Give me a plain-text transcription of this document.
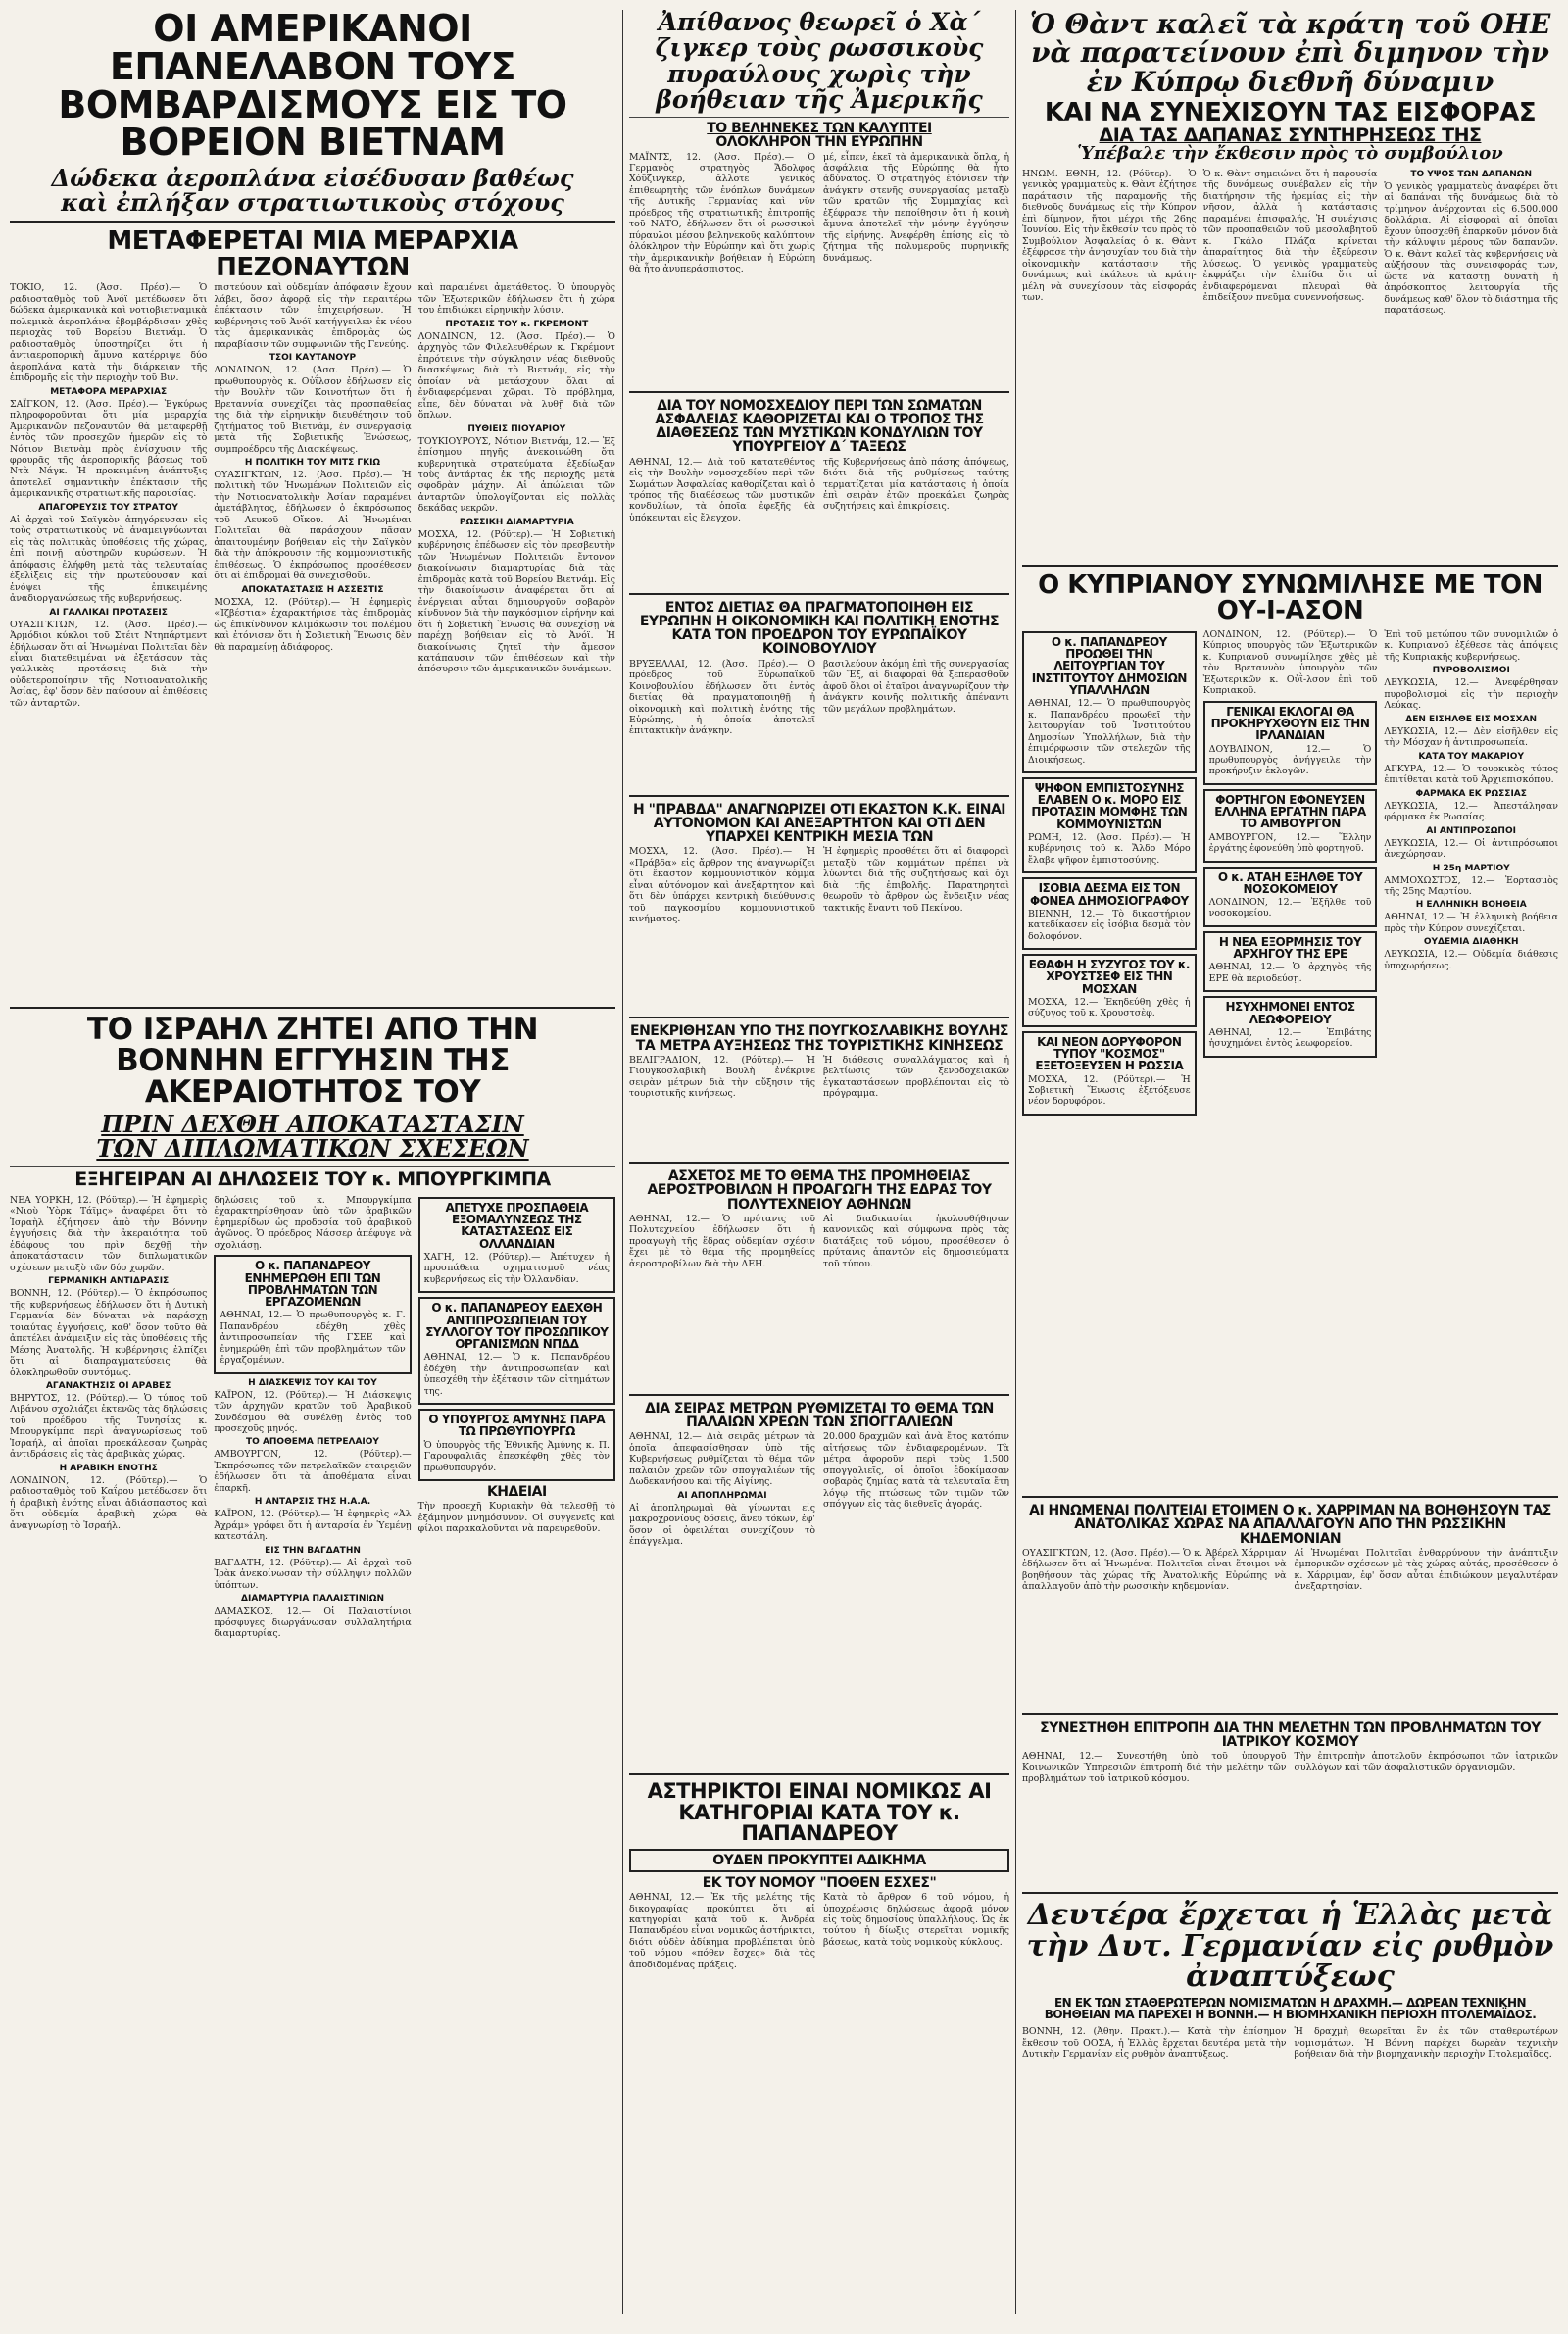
ΟΙ ΑΜΕΡΙΚΑΝΟΙ ΕΠΑΝΕΛΑΒΟΝ ΤΟΥΣ ΒΟΜΒΑΡΔΙΣΜΟΥΣ ΕΙΣ ΤΟ ΒΟΡΕΙΟΝ ΒΙΕΤΝΑΜ
Δώδεκα ἀεροπλάνα εἰσέδυσαν βαθέως
καὶ ἐπλήξαν στρατιωτικοὺς στόχους
ΜΕΤΑΦΕΡΕΤΑΙ ΜΙΑ ΜΕΡΑΡΧΙΑ ΠΕΖΟΝΑΥΤΩΝ

ΤΟΚΙΟ, 12. (Ἀσσ. Πρέσ).— Ὁ ραδιοσταθμὸς τοῦ Ἀνόϊ μετέδωσεν ὅτι δώδεκα ἀμερικανικὰ καὶ νοτιοβιετναμικὰ πολεμικὰ ἀεροπλάνα ἐβομβάρδισαν χθὲς περιοχὰς τοῦ Βορείου Βιετνάμ. Ὁ ραδιοσταθμὸς ὑποστηρίζει ὅτι ἡ ἀντιαεροπορικὴ ἄμυνα κατέρριψε δύο ἀεροπλάνα κατὰ τὴν διάρκειαν τῆς ἐπιδρομῆς εἰς τὴν περιοχὴν τοῦ Βιν.

ΜΕΤΑΦΟΡΑ ΜΕΡΑΡΧΙΑΣ

ΣΑΪΓΚΟΝ, 12. (Ἀσσ. Πρέσ).— Ἐγκύρως πληροφοροῦνται ὅτι μία μεραρχία Ἀμερικανῶν πεζοναυτῶν θὰ μεταφερθῇ ἐντὸς τῶν προσεχῶν ἡμερῶν εἰς τὸ Νότιον Βιετνὰμ πρὸς ἐνίσχυσιν τῆς φρουρᾶς τῆς ἀεροπορικῆς βάσεως τοῦ Ντὰ Νάγκ. Ἡ προκειμένη ἀνάπτυξις ἀποτελεῖ σημαντικὴν ἐπέκτασιν τῆς ἀμερικανικῆς στρατιωτικῆς παρουσίας.

ΑΠΑΓΟΡΕΥΣΙΣ ΤΟΥ ΣΤΡΑΤΟΥ

Αἱ ἀρχαὶ τοῦ Σαϊγκὸν ἀπηγόρευσαν εἰς τοὺς στρατιωτικοὺς νὰ ἀναμειγνύωνται εἰς τὰς πολιτικὰς ὑποθέσεις τῆς χώρας, ἐπὶ ποινῇ αὐστηρῶν κυρώσεων. Ἡ ἀπόφασις ἐλήφθη μετὰ τὰς τελευταίας ἐξελίξεις εἰς τὴν πρωτεύουσαν καὶ ἐνόψει τῆς ἐπικειμένης ἀναδιοργανώσεως τῆς κυβερνήσεως.

ΑΙ ΓΑΛΛΙΚΑΙ ΠΡΟΤΑΣΕΙΣ

ΟΥΑΣΙΓΚΤΩΝ, 12. (Ἀσσ. Πρέσ).— Ἀρμόδιοι κύκλοι τοῦ Στέιτ Ντηπάρτμεντ ἐδήλωσαν ὅτι αἱ Ἡνωμέναι Πολιτεῖαι δὲν εἶναι διατεθειμέναι νὰ ἐξετάσουν τὰς γαλλικὰς προτάσεις διὰ τὴν οὐδετεροποίησιν τῆς Νοτιοανατολικῆς Ἀσίας, ἐφ' ὅσον δὲν παύσουν αἱ ἐπιθέσεις τῶν ἀνταρτῶν.

πιστεύουν καὶ οὐδεμίαν ἀπόφασιν ἔχουν λάβει, ὅσον ἀφορᾷ εἰς τὴν περαιτέρω ἐπέκτασιν τῶν ἐπιχειρήσεων. Ἡ κυβέρνησις τοῦ Ἀνόϊ κατήγγειλεν ἐκ νέου τὰς ἀμερικανικὰς ἐπιδρομὰς ὡς παραβίασιν τῶν συμφωνιῶν τῆς Γενεύης.

ΤΣΟΙ ΚΑΥΤΑΝΟΥΡ

ΛΟΝΔΙΝΟΝ, 12. (Ἀσσ. Πρέσ).— Ὁ πρωθυπουργὸς κ. Οὐΐλσον ἐδήλωσεν εἰς τὴν Βουλὴν τῶν Κοινοτήτων ὅτι ἡ Βρεταννία συνεχίζει τὰς προσπαθείας της διὰ τὴν εἰρηνικὴν διευθέτησιν τοῦ ζητήματος τοῦ Βιετνάμ, ἐν συνεργασίᾳ μετὰ τῆς Σοβιετικῆς Ἑνώσεως, συμπροέδρου τῆς Διασκέψεως.

Η ΠΟΛΙΤΙΚΗ ΤΟΥ ΜΙΤΣ ΓΚΙΩ

ΟΥΑΣΙΓΚΤΩΝ, 12. (Ἀσσ. Πρέσ).— Ἡ πολιτικὴ τῶν Ἡνωμένων Πολιτειῶν εἰς τὴν Νοτιοανατολικὴν Ἀσίαν παραμένει ἀμετάβλητος, ἐδήλωσεν ὁ ἐκπρόσωπος τοῦ Λευκοῦ Οἴκου. Αἱ Ἡνωμέναι Πολιτεῖαι θὰ παράσχουν πᾶσαν ἀπαιτουμένην βοήθειαν εἰς τὴν Σαϊγκὸν διὰ τὴν ἀπόκρουσιν τῆς κομμουνιστικῆς ἐπιθέσεως. Ὁ ἐκπρόσωπος προσέθεσεν ὅτι αἱ ἐπιδρομαὶ θὰ συνεχισθοῦν.

ΑΠΟΚΑΤΑΣΤΑΣΙΣ Η ΑΣΣΕΣΤΙΣ

ΜΟΣΧΑ, 12. (Ρόϋτερ).— Ἡ ἐφημερὶς «Ἰζβέστια» ἐχαρακτήρισε τὰς ἐπιδρομὰς ὡς ἐπικίνδυνον κλιμάκωσιν τοῦ πολέμου καὶ ἐτόνισεν ὅτι ἡ Σοβιετικὴ Ἕνωσις δὲν θὰ παραμείνῃ ἀδιάφορος.

καὶ παραμένει ἀμετάθετος. Ὁ ὑπουργὸς τῶν Ἐξωτερικῶν ἐδήλωσεν ὅτι ἡ χώρα του ἐπιδιώκει εἰρηνικὴν λύσιν.

ΠΡΟΤΑΣΙΣ ΤΟΥ κ. ΓΚΡΕΜΟΝΤ

ΛΟΝΔΙΝΟΝ, 12. (Ἀσσ. Πρέσ).— Ὁ ἀρχηγὸς τῶν Φιλελευθέρων κ. Γκρέμοντ ἐπρότεινε τὴν σύγκλησιν νέας διεθνοῦς διασκέψεως διὰ τὸ Βιετνάμ, εἰς τὴν ὁποίαν νὰ μετάσχουν ὅλαι αἱ ἐνδιαφερόμεναι χῶραι. Τὸ πρόβλημα, εἶπε, δὲν δύναται νὰ λυθῇ διὰ τῶν ὅπλων.

ΠΥΘΙΕΙΣ ΠΙΟΥΑΡΙΟΥ

ΤΟΥΚΙΟΥΡΟΥΣ, Νότιον Βιετνάμ, 12.— Ἐξ ἐπίσημου πηγῆς ἀνεκοινώθη ὅτι κυβερνητικὰ στρατεύματα ἐξεδίωξαν τοὺς ἀντάρτας ἐκ τῆς περιοχῆς μετὰ σφοδρὰν μάχην. Αἱ ἀπώλειαι τῶν ἀνταρτῶν ὑπολογίζονται εἰς πολλὰς δεκάδας νεκρῶν.

ΡΩΣΣΙΚΗ ΔΙΑΜΑΡΤΥΡΙΑ

ΜΟΣΧΑ, 12. (Ρόϋτερ).— Ἡ Σοβιετικὴ κυβέρνησις ἐπέδωσεν εἰς τὸν πρεσβευτὴν τῶν Ἡνωμένων Πολιτειῶν ἔντονον διακοίνωσιν διαμαρτυρίας διὰ τὰς ἐπιδρομὰς κατὰ τοῦ Βορείου Βιετνάμ. Εἰς τὴν διακοίνωσιν ἀναφέρεται ὅτι αἱ ἐνέργειαι αὗται δημιουργοῦν σοβαρὸν κίνδυνον διὰ τὴν παγκόσμιον εἰρήνην καὶ ὅτι ἡ Σοβιετικὴ Ἕνωσις θὰ συνεχίσῃ νὰ παρέχῃ βοήθειαν εἰς τὸ Ἀνόϊ. Ἡ διακοίνωσις ζητεῖ τὴν ἄμεσον κατάπαυσιν τῶν ἐπιθέσεων καὶ τὴν ἀπόσυρσιν τῶν ἀμερικανικῶν δυνάμεων.

ΤΟ ΙΣΡΑΗΛ ΖΗΤΕΙ ΑΠΟ ΤΗΝ ΒΟΝΝΗΝ ΕΓΓΥΗΣΙΝ ΤΗΣ ΑΚΕΡΑΙΟΤΗΤΟΣ ΤΟΥ
ΠΡΙΝ ΔΕΧΘΗ ΑΠΟΚΑΤΑΣΤΑΣΙΝ
ΤΩΝ ΔΙΠΛΩΜΑΤΙΚΩΝ ΣΧΕΣΕΩΝ
ΕΞΗΓΕΙΡΑΝ ΑΙ ΔΗΛΩΣΕΙΣ ΤΟΥ κ. ΜΠΟΥΡΓΚΙΜΠΑ

ΝΕΑ ΥΟΡΚΗ, 12. (Ρόϋτερ).— Ἡ ἐφημερὶς «Νιοὺ Ὑὸρκ Τάϊμς» ἀναφέρει ὅτι τὸ Ἰσραὴλ ἐζήτησεν ἀπὸ τὴν Βόννην ἐγγυήσεις διὰ τὴν ἀκεραιότητα τοῦ ἐδάφους του πρὶν δεχθῇ τὴν ἀποκατάστασιν τῶν διπλωματικῶν σχέσεων μεταξὺ τῶν δύο χωρῶν.

ΓΕΡΜΑΝΙΚΗ ΑΝΤΙΔΡΑΣΙΣ

ΒΟΝΝΗ, 12. (Ρόϋτερ).— Ὁ ἐκπρόσωπος τῆς κυβερνήσεως ἐδήλωσεν ὅτι ἡ Δυτικὴ Γερμανία δὲν δύναται νὰ παράσχῃ τοιαύτας ἐγγυήσεις, καθ' ὅσον τοῦτο θὰ ἀπετέλει ἀνάμειξιν εἰς τὰς ὑποθέσεις τῆς Μέσης Ἀνατολῆς. Ἡ κυβέρνησις ἐλπίζει ὅτι αἱ διαπραγματεύσεις θὰ ὁλοκληρωθοῦν συντόμως.

ΑΓΑΝΑΚΤΗΣΙΣ ΟΙ ΑΡΑΒΕΣ

ΒΗΡΥΤΟΣ, 12. (Ρόϋτερ).— Ὁ τύπος τοῦ Λιβάνου σχολιάζει ἐκτενῶς τὰς δηλώσεις τοῦ προέδρου τῆς Τυνησίας κ. Μπουργκίμπα περὶ ἀναγνωρίσεως τοῦ Ἰσραήλ, αἱ ὁποῖαι προεκάλεσαν ζωηρὰς ἀντιδράσεις εἰς τὰς ἀραβικὰς χώρας.

Η ΑΡΑΒΙΚΗ ΕΝΟΤΗΣ

ΛΟΝΔΙΝΟΝ, 12. (Ρόϋτερ).— Ὁ ραδιοσταθμὸς τοῦ Καΐρου μετέδωσεν ὅτι ἡ ἀραβικὴ ἑνότης εἶναι ἀδιάσπαστος καὶ ὅτι οὐδεμία ἀραβικὴ χώρα θὰ ἀναγνωρίσῃ τὸ Ἰσραήλ.

δηλώσεις τοῦ κ. Μπουργκίμπα ἐχαρακτηρίσθησαν ὑπὸ τῶν ἀραβικῶν ἐφημερίδων ὡς προδοσία τοῦ ἀραβικοῦ ἀγῶνος. Ὁ πρόεδρος Νάσσερ ἀπέφυγε νὰ σχολιάσῃ.

Ο κ. ΠΑΠΑΝΔΡΕΟΥ ΕΝΗΜΕΡΩΘΗ ΕΠΙ ΤΩΝ ΠΡΟΒΛΗΜΑΤΩΝ ΤΩΝ ΕΡΓΑΖΟΜΕΝΩΝ

ΑΘΗΝΑΙ, 12.— Ὁ πρωθυπουργὸς κ. Γ. Παπανδρέου ἐδέχθη χθὲς ἀντιπροσωπείαν τῆς ΓΣΕΕ καὶ ἐνημερώθη ἐπὶ τῶν προβλημάτων τῶν ἐργαζομένων.

Η ΔΙΑΣΚΕΨΙΣ ΤΟΥ ΚΑΙ ΤΟΥ

ΚΑΪΡΟΝ, 12. (Ρόϋτερ).— Ἡ Διάσκεψις τῶν ἀρχηγῶν κρατῶν τοῦ Ἀραβικοῦ Συνδέσμου θὰ συνέλθῃ ἐντὸς τοῦ προσεχοῦς μηνός.

ΤΟ ΑΠΟΘΕΜΑ ΠΕΤΡΕΛΑΙΟΥ

ΑΜΒΟΥΡΓΟΝ, 12. (Ρόϋτερ).— Ἐκπρόσωπος τῶν πετρελαϊκῶν ἑταιρειῶν ἐδήλωσεν ὅτι τὰ ἀποθέματα εἶναι ἐπαρκῆ.

Η ΑΝΤΑΡΣΙΣ ΤΗΣ Η.Α.Α.

ΚΑΪΡΟΝ, 12. (Ρόϋτερ).— Ἡ ἐφημερὶς «Ἀλ Ἀχράμ» γράφει ὅτι ἡ ἀνταρσία ἐν Ὑεμένῃ κατεστάλη.

ΕΙΣ ΤΗΝ ΒΑΓΔΑΤΗΝ

ΒΑΓΔΑΤΗ, 12. (Ρόϋτερ).— Αἱ ἀρχαὶ τοῦ Ἰρὰκ ἀνεκοίνωσαν τὴν σύλληψιν πολλῶν ὑπόπτων.

ΔΙΑΜΑΡΤΥΡΙΑ ΠΑΛΑΙΣΤΙΝΙΩΝ

ΔΑΜΑΣΚΟΣ, 12.— Οἱ Παλαιστίνιοι πρόσφυγες διωργάνωσαν συλλαλητήρια διαμαρτυρίας.

ΑΠΕΤΥΧΕ ΠΡΟΣΠΑΘΕΙΑ ΕΞΟΜΑΛΥΝΣΕΩΣ ΤΗΣ ΚΑΤΑΣΤΑΣΕΩΣ ΕΙΣ ΟΛΛΑΝΔΙΑΝ

ΧΑΓΗ, 12. (Ρόϋτερ).— Ἀπέτυχεν ἡ προσπάθεια σχηματισμοῦ νέας κυβερνήσεως εἰς τὴν Ὀλλανδίαν.

Ο κ. ΠΑΠΑΝΔΡΕΟΥ ΕΔΕΧΘΗ ΑΝΤΙΠΡΟΣΩΠΕΙΑΝ ΤΟΥ ΣΥΛΛΟΓΟΥ ΤΟΥ ΠΡΟΣΩΠΙΚΟΥ ΟΡΓΑΝΙΣΜΩΝ ΝΠΔΔ

ΑΘΗΝΑΙ, 12.— Ὁ κ. Παπανδρέου ἐδέχθη τὴν ἀντιπροσωπείαν καὶ ὑπεσχέθη τὴν ἐξέτασιν τῶν αἰτημάτων της.

Ο ΥΠΟΥΡΓΟΣ ΑΜΥΝΗΣ ΠΑΡΑ ΤΩ ΠΡΩΘΥΠΟΥΡΓΩ

Ὁ ὑπουργὸς τῆς Ἐθνικῆς Ἀμύνης κ. Π. Γαρουφαλιᾶς ἐπεσκέφθη χθὲς τὸν πρωθυπουργόν.

ΚΗΔΕΙΑΙ

Τὴν προσεχῆ Κυριακὴν θὰ τελεσθῇ τὸ ἑξάμηνον μνημόσυνον. Οἱ συγγενεῖς καὶ φίλοι παρακαλοῦνται νὰ παρευρεθοῦν.

Ἀπίθανος θεωρεῖ ὁ Χὰ΄ ζιγκερ τοὺς ρωσσικοὺς πυραύλους χωρὶς τὴν βοήθειαν τῆς Ἀμερικῆς
ΤΟ ΒΕΛΗΝΕΚΕΣ ΤΩΝ ΚΑΛΥΠΤΕΙ
ΟΛΟΚΛΗΡΟΝ ΤΗΝ ΕΥΡΩΠΗΝ

ΜΑΪΝΤΣ, 12. (Ἀσσ. Πρέσ).— Ὁ Γερμανὸς στρατηγὸς Ἄδολφος Χόϋζινγκερ, ἄλλοτε γενικὸς ἐπιθεωρητὴς τῶν ἐνόπλων δυνάμεων τῆς Δυτικῆς Γερμανίας καὶ νῦν πρόεδρος τῆς στρατιωτικῆς ἐπιτροπῆς τοῦ ΝΑΤΟ, ἐδήλωσεν ὅτι οἱ ρωσσικοὶ πύραυλοι μέσου βεληνεκοῦς καλύπτουν ὁλόκληρον τὴν Εὐρώπην καὶ ὅτι χωρὶς τὴν ἀμερικανικὴν βοήθειαν ἡ Εὐρώπη θὰ ἦτο ἀνυπεράσπιστος.

μέ, εἶπεν, ἐκεῖ τὰ ἀμερικανικὰ ὅπλα, ἡ ἀσφάλεια τῆς Εὐρώπης θὰ ἦτο ἀδύνατος. Ὁ στρατηγὸς ἐτόνισεν τὴν ἀνάγκην στενῆς συνεργασίας μεταξὺ τῶν κρατῶν τῆς Συμμαχίας καὶ ἐξέφρασε τὴν πεποίθησιν ὅτι ἡ κοινὴ ἄμυνα ἀποτελεῖ τὴν μόνην ἐγγύησιν τῆς εἰρήνης. Ἀνεφέρθη ἐπίσης εἰς τὸ ζήτημα τῆς πολυμεροῦς πυρηνικῆς δυνάμεως.

ΔΙΑ ΤΟΥ ΝΟΜΟΣΧΕΔΙΟΥ ΠΕΡΙ ΤΩΝ ΣΩΜΑΤΩΝ ΑΣΦΑΛΕΙΑΣ ΚΑΘΟΡΙΖΕΤΑΙ ΚΑΙ Ο ΤΡΟΠΟΣ ΤΗΣ ΔΙΑΘΕΣΕΩΣ ΤΩΝ ΜΥΣΤΙΚΩΝ ΚΟΝΔΥΛΙΩΝ ΤΟΥ ΥΠΟΥΡΓΕΙΟΥ Δ΄ ΤΑΞΕΩΣ

ΑΘΗΝΑΙ, 12.— Διὰ τοῦ κατατεθέντος εἰς τὴν Βουλὴν νομοσχεδίου περὶ τῶν Σωμάτων Ἀσφαλείας καθορίζεται καὶ ὁ τρόπος τῆς διαθέσεως τῶν μυστικῶν κονδυλίων, τὰ ὁποῖα ἐφεξῆς θὰ ὑπόκεινται εἰς ἔλεγχον.

τῆς Κυβερνήσεως ἀπὸ πάσης ἀπόψεως, διότι διὰ τῆς ρυθμίσεως ταύτης τερματίζεται μία κατάστασις ἡ ὁποία ἐπὶ σειρὰν ἐτῶν προεκάλει ζωηρὰς συζητήσεις καὶ ἐπικρίσεις.

ΕΝΤΟΣ ΔΙΕΤΙΑΣ ΘΑ ΠΡΑΓΜΑΤΟΠΟΙΗΘΗ ΕΙΣ ΕΥΡΩΠΗΝ Η ΟΙΚΟΝΟΜΙΚΗ ΚΑΙ ΠΟΛΙΤΙΚΗ ΕΝΟΤΗΣ ΚΑΤΑ ΤΟΝ ΠΡΟΕΔΡΟΝ ΤΟΥ ΕΥΡΩΠΑΪΚΟΥ ΚΟΙΝΟΒΟΥΛΙΟΥ

ΒΡΥΞΕΛΛΑΙ, 12. (Ἀσσ. Πρέσ).— Ὁ πρόεδρος τοῦ Εὐρωπαϊκοῦ Κοινοβουλίου ἐδήλωσεν ὅτι ἐντὸς διετίας θὰ πραγματοποιηθῇ ἡ οἰκονομικὴ καὶ πολιτικὴ ἑνότης τῆς Εὐρώπης, ἡ ὁποία ἀποτελεῖ ἐπιτακτικὴν ἀνάγκην.

βασιλεύουν ἀκόμη ἐπὶ τῆς συνεργασίας τῶν Ἕξ, αἱ διαφοραὶ θὰ ξεπερασθοῦν ἀφοῦ ὅλοι οἱ ἐταῖροι ἀναγνωρίζουν τὴν ἀνάγκην κοινῆς πολιτικῆς ἀπέναντι τῶν μεγάλων προβλημάτων.

Η "ΠΡΑΒΔΑ" ΑΝΑΓΝΩΡΙΖΕΙ ΟΤΙ ΕΚΑΣΤΟΝ Κ.Κ. ΕΙΝΑΙ ΑΥΤΟΝΟΜΟΝ ΚΑΙ ΑΝΕΞΑΡΤΗΤΟΝ ΚΑΙ ΟΤΙ ΔΕΝ ΥΠΑΡΧΕΙ ΚΕΝΤΡΙΚΗ ΜΕΣΙΑ ΤΩΝ

ΜΟΣΧΑ, 12. (Ἀσσ. Πρέσ).— Ἡ «Πράβδα» εἰς ἄρθρον της ἀναγνωρίζει ὅτι ἕκαστον κομμουνιστικὸν κόμμα εἶναι αὐτόνομον καὶ ἀνεξάρτητον καὶ ὅτι δὲν ὑπάρχει κεντρικὴ διεύθυνσις τοῦ παγκοσμίου κομμουνιστικοῦ κινήματος.

Ἡ ἐφημερὶς προσθέτει ὅτι αἱ διαφοραὶ μεταξὺ τῶν κομμάτων πρέπει νὰ λύωνται διὰ τῆς συζητήσεως καὶ ὄχι διὰ τῆς ἐπιβολῆς. Παρατηρηταὶ θεωροῦν τὸ ἄρθρον ὡς ἔνδειξιν νέας τακτικῆς ἔναντι τοῦ Πεκίνου.

ΕΝΕΚΡΙΘΗΣΑΝ ΥΠΟ ΤΗΣ ΠΟΥΓΚΟΣΛΑΒΙΚΗΣ ΒΟΥΛΗΣ ΤΑ ΜΕΤΡΑ ΑΥΞΗΣΕΩΣ ΤΗΣ ΤΟΥΡΙΣΤΙΚΗΣ ΚΙΝΗΣΕΩΣ

ΒΕΛΙΓΡΑΔΙΟΝ, 12. (Ρόϋτερ).— Ἡ Γιουγκοσλαβικὴ Βουλὴ ἐνέκρινε σειρὰν μέτρων διὰ τὴν αὔξησιν τῆς τουριστικῆς κινήσεως.

Ἡ διάθεσις συναλλάγματος καὶ ἡ βελτίωσις τῶν ξενοδοχειακῶν ἐγκαταστάσεων προβλέπονται εἰς τὸ πρόγραμμα.

ΑΣΧΕΤΟΣ ΜΕ ΤΟ ΘΕΜΑ ΤΗΣ ΠΡΟΜΗΘΕΙΑΣ ΑΕΡΟΣΤΡΟΒΙΛΩΝ Η ΠΡΟΑΓΩΓΗ ΤΗΣ ΕΔΡΑΣ ΤΟΥ ΠΟΛΥΤΕΧΝΕΙΟΥ ΑΘΗΝΩΝ

ΑΘΗΝΑΙ, 12.— Ὁ πρύτανις τοῦ Πολυτεχνείου ἐδήλωσεν ὅτι ἡ προαγωγὴ τῆς ἕδρας οὐδεμίαν σχέσιν ἔχει μὲ τὸ θέμα τῆς προμηθείας ἀεροστροβίλων διὰ τὴν ΔΕΗ.

Αἱ διαδικασίαι ἠκολουθήθησαν κανονικῶς καὶ σύμφωνα πρὸς τὰς διατάξεις τοῦ νόμου, προσέθεσεν ὁ πρύτανις ἀπαντῶν εἰς δημοσιεύματα τοῦ τύπου.

ΔΙΑ ΣΕΙΡΑΣ ΜΕΤΡΩΝ ΡΥΘΜΙΖΕΤΑΙ ΤΟ ΘΕΜΑ ΤΩΝ ΠΑΛΑΙΩΝ ΧΡΕΩΝ ΤΩΝ ΣΠΟΓΓΑΛΙΕΩΝ

ΑΘΗΝΑΙ, 12.— Διὰ σειρᾶς μέτρων τὰ ὁποῖα ἀπεφασίσθησαν ὑπὸ τῆς Κυβερνήσεως ρυθμίζεται τὸ θέμα τῶν παλαιῶν χρεῶν τῶν σπογγαλιέων τῆς Δωδεκανήσου καὶ τῆς Αἰγίνης.

ΑΙ ΑΠΟΠΛΗΡΩΜΑΙ

Αἱ ἀποπληρωμαὶ θὰ γίνωνται εἰς μακροχρονίους δόσεις, ἄνευ τόκων, ἐφ' ὅσον οἱ ὀφειλέται συνεχίζουν τὸ ἐπάγγελμα.

20.000 δραχμῶν καὶ ἀνὰ ἔτος κατόπιν αἰτήσεως τῶν ἐνδιαφερομένων. Τὰ μέτρα ἀφοροῦν περὶ τοὺς 1.500 σπογγαλιεῖς, οἱ ὁποῖοι ἐδοκίμασαν σοβαρὰς ζημίας κατὰ τὰ τελευταῖα ἔτη λόγῳ τῆς πτώσεως τῶν τιμῶν τῶν σπόγγων εἰς τὰς διεθνεῖς ἀγοράς.

ΑΣΤΗΡΙΚΤΟΙ ΕΙΝΑΙ ΝΟΜΙΚΩΣ ΑΙ ΚΑΤΗΓΟΡΙΑΙ ΚΑΤΑ ΤΟΥ κ. ΠΑΠΑΝΔΡΕΟΥ
ΟΥΔΕΝ ΠΡΟΚΥΠΤΕΙ ΑΔΙΚΗΜΑ
ΕΚ ΤΟΥ ΝΟΜΟΥ "ΠΟΘΕΝ ΕΣΧΕΣ"

ΑΘΗΝΑΙ, 12.— Ἐκ τῆς μελέτης τῆς δικογραφίας προκύπτει ὅτι αἱ κατηγορίαι κατὰ τοῦ κ. Ἀνδρέα Παπανδρέου εἶναι νομικῶς ἀστήρικτοι, διότι οὐδὲν ἀδίκημα προβλέπεται ὑπὸ τοῦ νόμου «πόθεν ἔσχες» διὰ τὰς ἀποδιδομένας πράξεις.

Κατὰ τὸ ἄρθρον 6 τοῦ νόμου, ἡ ὑποχρέωσις δηλώσεως ἀφορᾷ μόνον εἰς τοὺς δημοσίους ὑπαλλήλους. Ὡς ἐκ τούτου ἡ δίωξις στερεῖται νομικῆς βάσεως, κατὰ τοὺς νομικοὺς κύκλους.

Ὁ Θὰντ καλεῖ τὰ κράτη τοῦ ΟΗΕ νὰ παρατείνουν ἐπὶ διμηνον τὴν ἐν Κύπρῳ διεθνῆ δύναμιν
ΚΑΙ ΝΑ ΣΥΝΕΧΙΣΟΥΝ ΤΑΣ ΕΙΣΦΟΡΑΣ
ΔΙΑ ΤΑΣ ΔΑΠΑΝΑΣ ΣΥΝΤΗΡΗΣΕΩΣ ΤΗΣ
Ὑπέβαλε τὴν ἔκθεσιν πρὸς τὸ συμβούλιον

ΗΝΩΜ. ΕΘΝΗ, 12. (Ρόϋτερ).— Ὁ γενικὸς γραμματεὺς κ. Θὰντ ἐζήτησε παράτασιν τῆς παραμονῆς τῆς διεθνοῦς δυνάμεως εἰς τὴν Κύπρον ἐπὶ δίμηνον, ἤτοι μέχρι τῆς 26ης Ἰουνίου. Εἰς τὴν ἔκθεσίν του πρὸς τὸ Συμβούλιον Ἀσφαλείας ὁ κ. Θὰντ ἐξέφρασε τὴν ἀνησυχίαν του διὰ τὴν οἰκονομικὴν κατάστασιν τῆς δυνάμεως καὶ ἐκάλεσε τὰ κράτη-μέλη νὰ συνεχίσουν τὰς εἰσφοράς των.

Ὁ κ. Θὰντ σημειώνει ὅτι ἡ παρουσία τῆς δυνάμεως συνέβαλεν εἰς τὴν διατήρησιν τῆς ἠρεμίας εἰς τὴν νῆσον, ἀλλὰ ἡ κατάστασις παραμένει ἐπισφαλής. Ἡ συνέχισις τῶν προσπαθειῶν τοῦ μεσολαβητοῦ κ. Γκάλο Πλάζα κρίνεται ἀπαραίτητος διὰ τὴν ἐξεύρεσιν λύσεως. Ὁ γενικὸς γραμματεὺς ἐκφράζει τὴν ἐλπίδα ὅτι αἱ ἐνδιαφερόμεναι πλευραὶ θὰ ἐπιδείξουν πνεῦμα συνεννοήσεως.

ΤΟ ΥΨΟΣ ΤΩΝ ΔΑΠΑΝΩΝ

Ὁ γενικὸς γραμματεὺς ἀναφέρει ὅτι αἱ δαπάναι τῆς δυνάμεως διὰ τὸ τρίμηνον ἀνέρχονται εἰς 6.500.000 δολλάρια. Αἱ εἰσφοραὶ αἱ ὁποῖαι ἔχουν ὑποσχεθῆ ἐπαρκοῦν μόνον διὰ τὴν κάλυψιν μέρους τῶν δαπανῶν. Ὁ κ. Θὰντ καλεῖ τὰς κυβερνήσεις νὰ αὐξήσουν τὰς συνεισφοράς των, ὥστε νὰ καταστῇ δυνατὴ ἡ ἀπρόσκοπτος λειτουργία τῆς δυνάμεως καθ' ὅλον τὸ διάστημα τῆς παρατάσεως.

Ο ΚΥΠΡΙΑΝΟΥ ΣΥΝΩΜΙΛΗΣΕ ΜΕ ΤΟΝ ΟΥ-Ι-ΑΣΟΝ
Ο κ. ΠΑΠΑΝΔΡΕΟΥ ΠΡΟΩΘΕΙ ΤΗΝ ΛΕΙΤΟΥΡΓΙΑΝ ΤΟΥ ΙΝΣΤΙΤΟΥΤΟΥ ΔΗΜΟΣΙΩΝ ΥΠΑΛΛΗΛΩΝ

ΑΘΗΝΑΙ, 12.— Ὁ πρωθυπουργὸς κ. Παπανδρέου προωθεῖ τὴν λειτουργίαν τοῦ Ἰνστιτούτου Δημοσίων Ὑπαλλήλων, διὰ τὴν ἐπιμόρφωσιν τῶν στελεχῶν τῆς Διοικήσεως.

ΨΗΦΟΝ ΕΜΠΙΣΤΟΣΥΝΗΣ ΕΛΑΒΕΝ Ο κ. ΜΟΡΟ ΕΙΣ ΠΡΟΤΑΣΙΝ ΜΟΜΦΗΣ ΤΩΝ ΚΟΜΜΟΥΝΙΣΤΩΝ

ΡΩΜΗ, 12. (Ἀσσ. Πρέσ).— Ἡ κυβέρνησις τοῦ κ. Ἄλδο Μόρο ἔλαβε ψῆφον ἐμπιστοσύνης.

ΙΣΟΒΙΑ ΔΕΣΜΑ ΕΙΣ ΤΟΝ ΦΟΝΕΑ ΔΗΜΟΣΙΟΓΡΑΦΟΥ

ΒΙΕΝΝΗ, 12.— Τὸ δικαστήριον κατεδίκασεν εἰς ἰσόβια δεσμὰ τὸν δολοφόνον.

ΕΘΑΦΗ Η ΣΥΖΥΓΟΣ ΤΟΥ κ. ΧΡΟΥΣΤΣΕΦ ΕΙΣ ΤΗΝ ΜΟΣΧΑΝ

ΜΟΣΧΑ, 12.— Ἐκηδεύθη χθὲς ἡ σύζυγος τοῦ κ. Χρουστσὲφ.

ΚΑΙ ΝΕΟΝ ΔΟΡΥΦΟΡΟΝ ΤΥΠΟΥ "ΚΟΣΜΟΣ" ΕΞΕΤΟΞΕΥΣΕΝ Η ΡΩΣΣΙΑ

ΜΟΣΧΑ, 12. (Ρόϋτερ).— Ἡ Σοβιετικὴ Ἕνωσις ἐξετόξευσε νέον δορυφόρον.

ΛΟΝΔΙΝΟΝ, 12. (Ρόϋτερ).— Ὁ Κύπριος ὑπουργὸς τῶν Ἐξωτερικῶν κ. Κυπριανοῦ συνωμίλησε χθὲς μὲ τὸν Βρεταννὸν ὑπουργὸν τῶν Ἐξωτερικῶν κ. Οὐῒ-λσον ἐπὶ τοῦ Κυπριακοῦ.

ΓΕΝΙΚΑΙ ΕΚΛΟΓΑΙ ΘΑ ΠΡΟΚΗΡΥΧΘΟΥΝ ΕΙΣ ΤΗΝ ΙΡΛΑΝΔΙΑΝ

ΔΟΥΒΛΙΝΟΝ, 12.— Ὁ πρωθυπουργὸς ἀνήγγειλε τὴν προκήρυξιν ἐκλογῶν.

ΦΟΡΤΗΓΟΝ ΕΦΟΝΕΥΣΕΝ ΕΛΛΗΝΑ ΕΡΓΑΤΗΝ ΠΑΡΑ ΤΟ ΑΜΒΟΥΡΓΟΝ

ΑΜΒΟΥΡΓΟΝ, 12.— Ἕλλην ἐργάτης ἐφονεύθη ὑπὸ φορτηγοῦ.

Ο κ. ΑΤΑΗ ΕΞΗΛΘΕ ΤΟΥ ΝΟΣΟΚΟΜΕΙΟΥ

ΛΟΝΔΙΝΟΝ, 12.— Ἐξῆλθε τοῦ νοσοκομείου.

Η ΝΕΑ ΕΞΟΡΜΗΣΙΣ ΤΟΥ ΑΡΧΗΓΟΥ ΤΗΣ ΕΡΕ

ΑΘΗΝΑΙ, 12.— Ὁ ἀρχηγὸς τῆς ΕΡΕ θὰ περιοδεύσῃ.

ΗΣΥΧΗΜΟΝΕΙ ΕΝΤΟΣ ΛΕΩΦΟΡΕΙΟΥ

ΑΘΗΝΑΙ, 12.— Ἐπιβάτης ἡσυχημόνει ἐντὸς λεωφορείου.

Ἐπὶ τοῦ μετώπου τῶν συνομιλιῶν ὁ κ. Κυπριανοῦ ἐξέθεσε τὰς ἀπόψεις τῆς Κυπριακῆς κυβερνήσεως.

ΠΥΡΟΒΟΛΙΣΜΟΙ

ΛΕΥΚΩΣΙΑ, 12.— Ἀνεφέρθησαν πυροβολισμοὶ εἰς τὴν περιοχὴν Λεύκας.

ΔΕΝ ΕΙΣΗΛΘΕ ΕΙΣ ΜΟΣΧΑΝ

ΛΕΥΚΩΣΙΑ, 12.— Δὲν εἰσῆλθεν εἰς τὴν Μόσχαν ἡ ἀντιπροσωπεία.

ΚΑΤΑ ΤΟΥ ΜΑΚΑΡΙΟΥ

ΑΓΚΥΡΑ, 12.— Ὁ τουρκικὸς τύπος ἐπιτίθεται κατὰ τοῦ Ἀρχιεπισκόπου.

ΦΑΡΜΑΚΑ ΕΚ ΡΩΣΣΙΑΣ

ΛΕΥΚΩΣΙΑ, 12.— Ἀπεστάλησαν φάρμακα ἐκ Ρωσσίας.

ΑΙ ΑΝΤΙΠΡΟΣΩΠΟΙ

ΛΕΥΚΩΣΙΑ, 12.— Οἱ ἀντιπρόσωποι ἀνεχώρησαν.

Η 25η ΜΑΡΤΙΟΥ

ΑΜΜΟΧΩΣΤΟΣ, 12.— Ἑορτασμὸς τῆς 25ης Μαρτίου.

Η ΕΛΛΗΝΙΚΗ ΒΟΗΘΕΙΑ

ΑΘΗΝΑΙ, 12.— Ἡ ἑλληνικὴ βοήθεια πρὸς τὴν Κύπρον συνεχίζεται.

ΟΥΔΕΜΙΑ ΔΙΑΘΗΚΗ

ΛΕΥΚΩΣΙΑ, 12.— Οὐδεμία διάθεσις ὑποχωρήσεως.

ΑΙ ΗΝΩΜΕΝΑΙ ΠΟΛΙΤΕΙΑΙ ΕΤΟΙΜΕΝ Ο κ. ΧΑΡΡΙΜΑΝ ΝΑ ΒΟΗΘΗΣΟΥΝ ΤΑΣ ΑΝΑΤΟΛΙΚΑΣ ΧΩΡΑΣ ΝΑ ΑΠΑΛΛΑΓΟΥΝ ΑΠΟ ΤΗΝ ΡΩΣΣΙΚΗΝ ΚΗΔΕΜΟΝΙΑΝ

ΟΥΑΣΙΓΚΤΩΝ, 12. (Ἀσσ. Πρέσ).— Ὁ κ. Ἀβέρελ Χάρριμαν ἐδήλωσεν ὅτι αἱ Ἡνωμέναι Πολιτεῖαι εἶναι ἕτοιμοι νὰ βοηθήσουν τὰς χώρας τῆς Ἀνατολικῆς Εὐρώπης νὰ ἀπαλλαγοῦν ἀπὸ τὴν ρωσσικὴν κηδεμονίαν.

Αἱ Ἡνωμέναι Πολιτεῖαι ἐνθαρρύνουν τὴν ἀνάπτυξιν ἐμπορικῶν σχέσεων μὲ τὰς χώρας αὐτάς, προσέθεσεν ὁ κ. Χάρριμαν, ἐφ' ὅσον αὗται ἐπιδιώκουν μεγαλυτέραν ἀνεξαρτησίαν.

ΣΥΝΕΣΤΗΘΗ ΕΠΙΤΡΟΠΗ ΔΙΑ ΤΗΝ ΜΕΛΕΤΗΝ ΤΩΝ ΠΡΟΒΛΗΜΑΤΩΝ ΤΟΥ ΙΑΤΡΙΚΟΥ ΚΟΣΜΟΥ

ΑΘΗΝΑΙ, 12.— Συνεστήθη ὑπὸ τοῦ ὑπουργοῦ Κοινωνικῶν Ὑπηρεσιῶν ἐπιτροπὴ διὰ τὴν μελέτην τῶν προβλημάτων τοῦ ἰατρικοῦ κόσμου.

Τὴν ἐπιτροπὴν ἀποτελοῦν ἐκπρόσωποι τῶν ἰατρικῶν συλλόγων καὶ τῶν ἀσφαλιστικῶν ὀργανισμῶν.

Δευτέρα ἔρχεται ἡ Ἑλλὰς μετὰ τὴν Δυτ. Γερμανίαν εἰς ρυθμὸν ἀναπτύξεως
ΕΝ ΕΚ ΤΩΝ ΣΤΑΘΕΡΩΤΕΡΩΝ ΝΟΜΙΣΜΑΤΩΝ Η ΔΡΑΧΜΗ.— ΔΩΡΕΑΝ ΤΕΧΝΙΚΗΝ ΒΟΗΘΕΙΑΝ ΜΑ ΠΑΡΕΧΕΙ Η ΒΟΝΝΗ.— Η ΒΙΟΜΗΧΑΝΙΚΗ ΠΕΡΙΟΧΗ ΠΤΟΛΕΜΑΪΔΟΣ.

ΒΟΝΝΗ, 12. (Ἀθην. Πρακτ.).— Κατὰ τὴν ἐπίσημον ἔκθεσιν τοῦ ΟΟΣΑ, ἡ Ἑλλὰς ἔρχεται δευτέρα μετὰ τὴν Δυτικὴν Γερμανίαν εἰς ρυθμὸν ἀναπτύξεως.

Ἡ δραχμὴ θεωρεῖται ἓν ἐκ τῶν σταθερωτέρων νομισμάτων. Ἡ Βόννη παρέχει δωρεὰν τεχνικὴν βοήθειαν διὰ τὴν βιομηχανικὴν περιοχὴν Πτολεμαΐδος.
